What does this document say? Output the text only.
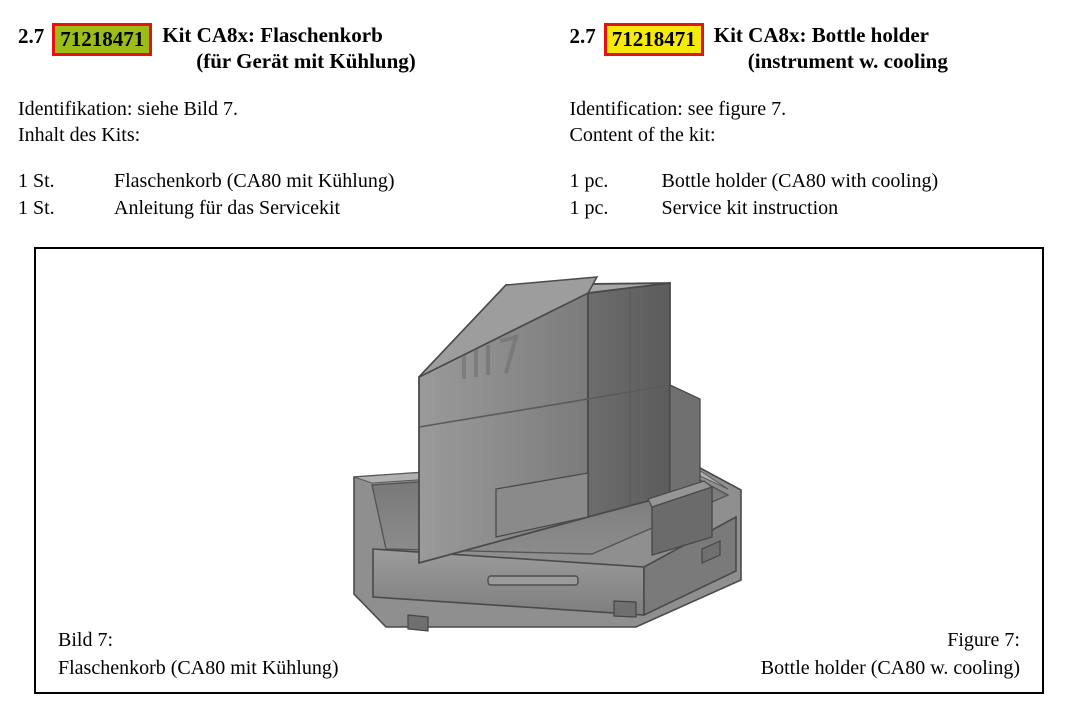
2.7 71218471 Kit CA8x: Flaschenkorb
(für Gerät mit Kühlung)
Identifikation: siehe Bild 7.
Inhalt des Kits:
1 St.	Flaschenkorb (CA80 mit Kühlung)
1 St.	Anleitung für das Servicekit
2.7 71218471 Kit CA8x: Bottle holder
(instrument w. cooling
Identification: see figure 7.
Content of the kit:
1 pc.	Bottle holder (CA80 with cooling)
1 pc.	Service kit instruction
Bild 7:
Flaschenkorb (CA80 mit Kühlung)
Figure 7:
Bottle holder (CA80 w. cooling)
